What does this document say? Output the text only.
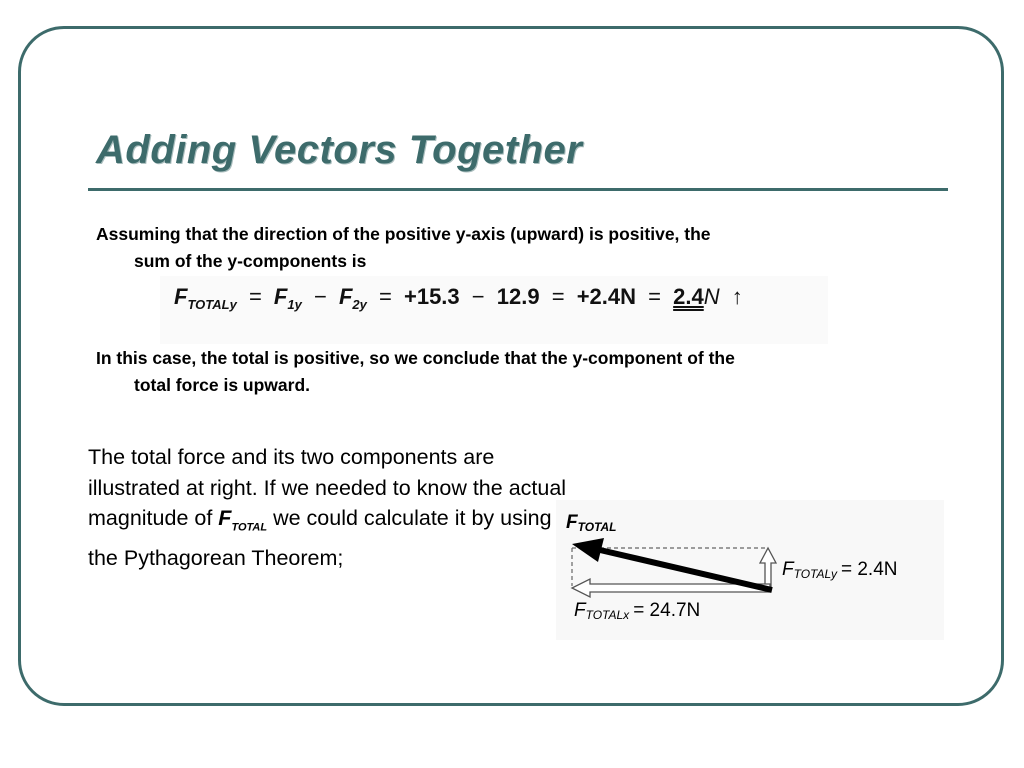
Adding Vectors Together

Assuming that the direction of the positive y-axis (upward) is positive, the
sum of the y-components is

$F_{TOTALy} = F_{1y} - F_{2y} = +15.3 - 12.9 = +2.4N = 2.4N$ ↑

In this case, the total is positive, so we conclude that the y-component of the
total force is upward.

The total force and its two components are illustrated at right. If we needed to know the actual magnitude of $F_{TOTAL}$ we could calculate it by using the Pythagorean Theorem;

FTOTAL
FTOTALy = 2.4N
FTOTALx = 24.7N
